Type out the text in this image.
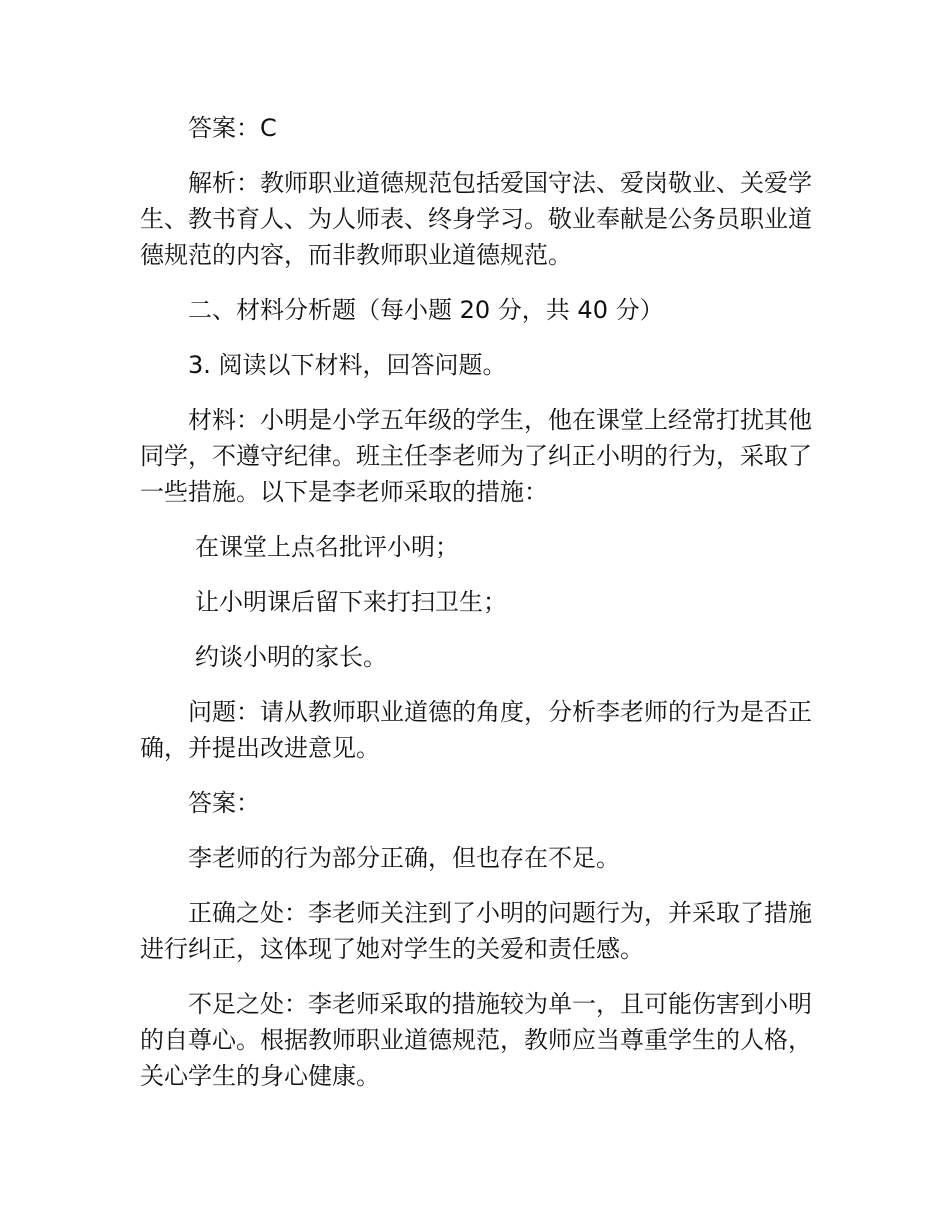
答案：C

解析：教师职业道德规范包括爱国守法、爱岗敬业、关爱学生、教书育人、为人师表、终身学习。敬业奉献是公务员职业道德规范的内容，而非教师职业道德规范。

二、材料分析题（每小题 20 分，共 40 分）

3. 阅读以下材料，回答问题。

材料：小明是小学五年级的学生，他在课堂上经常打扰其他同学，不遵守纪律。班主任李老师为了纠正小明的行为，采取了一些措施。以下是李老师采取的措施：

在课堂上点名批评小明；

让小明课后留下来打扫卫生；

约谈小明的家长。

问题：请从教师职业道德的角度，分析李老师的行为是否正确，并提出改进意见。

答案：

李老师的行为部分正确，但也存在不足。

正确之处：李老师关注到了小明的问题行为，并采取了措施进行纠正，这体现了她对学生的关爱和责任感。

不足之处：李老师采取的措施较为单一，且可能伤害到小明的自尊心。根据教师职业道德规范，教师应当尊重学生的人格，关心学生的身心健康。
